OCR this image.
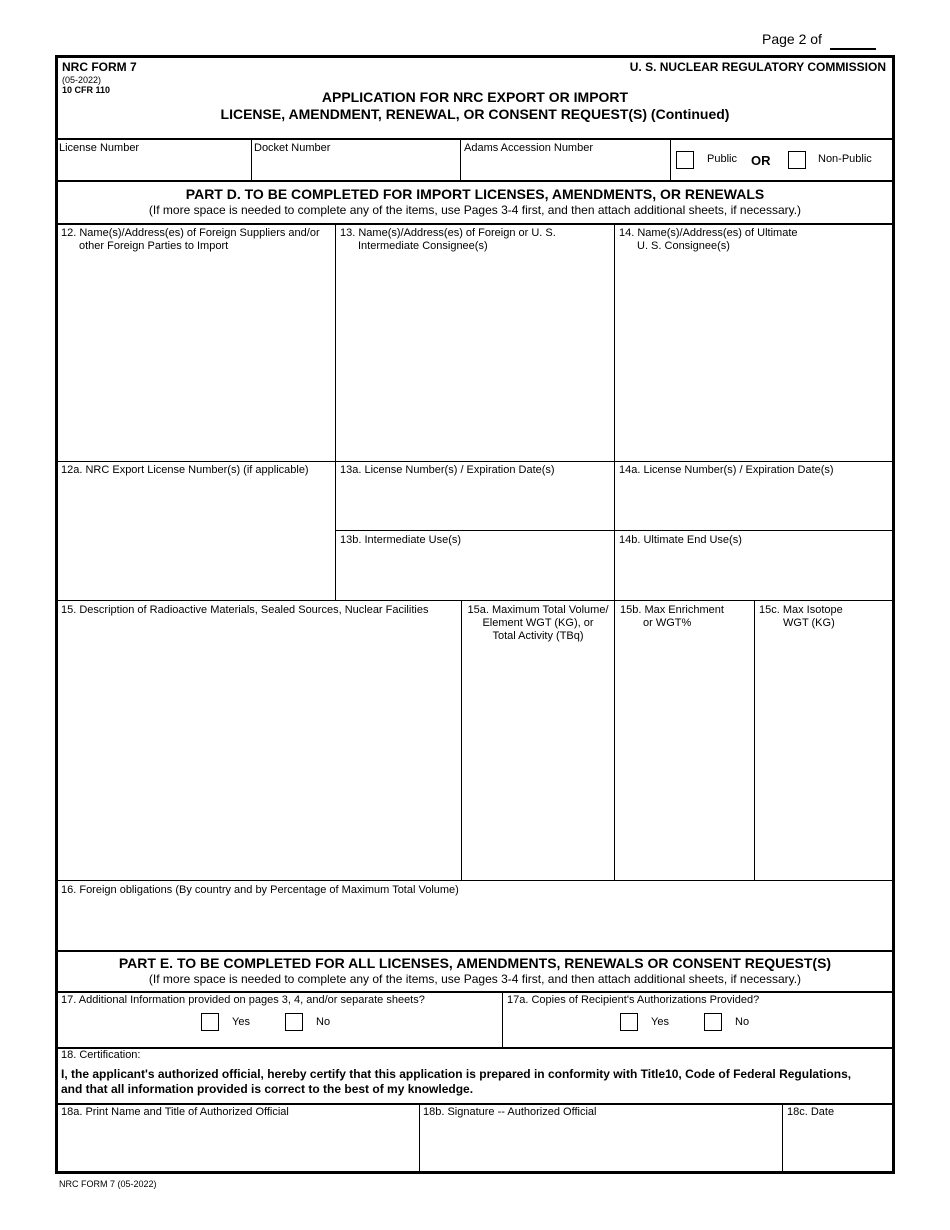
Page 2 of
NRC FORM 7
(05-2022)
10 CFR 110
U. S. NUCLEAR REGULATORY COMMISSION
APPLICATION FOR NRC EXPORT OR IMPORT
LICENSE, AMENDMENT, RENEWAL, OR CONSENT REQUEST(S) (Continued)
License Number	Docket Number	Adams Accession Number
Public OR	Non-Public
PART D. TO BE COMPLETED FOR IMPORT LICENSES, AMENDMENTS, OR RENEWALS
(If more space is needed to complete any of the items, use Pages 3-4 first, and then attach additional sheets, if necessary.)
12. Name(s)/Address(es) of Foreign Suppliers and/or
other Foreign Parties to Import
13. Name(s)/Address(es) of Foreign or U. S.
Intermediate Consignee(s)
14. Name(s)/Address(es) of Ultimate
U. S. Consignee(s)
12a. NRC Export License Number(s) (if applicable)	13a. License Number(s) / Expiration Date(s)	14a. License Number(s) / Expiration Date(s)
13b. Intermediate Use(s)	14b. Ultimate End Use(s)
15. Description of Radioactive Materials, Sealed Sources, Nuclear Facilities	15a. Maximum Total Volume/
Element WGT (KG), or
Total Activity (TBq)
15b. Max Enrichment
or WGT%
15c. Max Isotope
WGT (KG)
16. Foreign obligations (By country and by Percentage of Maximum Total Volume)
PART E. TO BE COMPLETED FOR ALL LICENSES, AMENDMENTS, RENEWALS OR CONSENT REQUEST(S)
(If more space is needed to complete any of the items, use Pages 3-4 first, and then attach additional sheets, if necessary.)
17. Additional Information provided on pages 3, 4, and/or separate sheets?
Yes	No
17a. Copies of Recipient's Authorizations Provided?
Yes	No
18. Certification:
I, the applicant's authorized official, hereby certify that this application is prepared in conformity with Title10, Code of Federal Regulations,
and that all information provided is correct to the best of my knowledge.
18a. Print Name and Title of Authorized Official	18b. Signature -- Authorized Official	18c. Date
NRC FORM 7 (05-2022)
